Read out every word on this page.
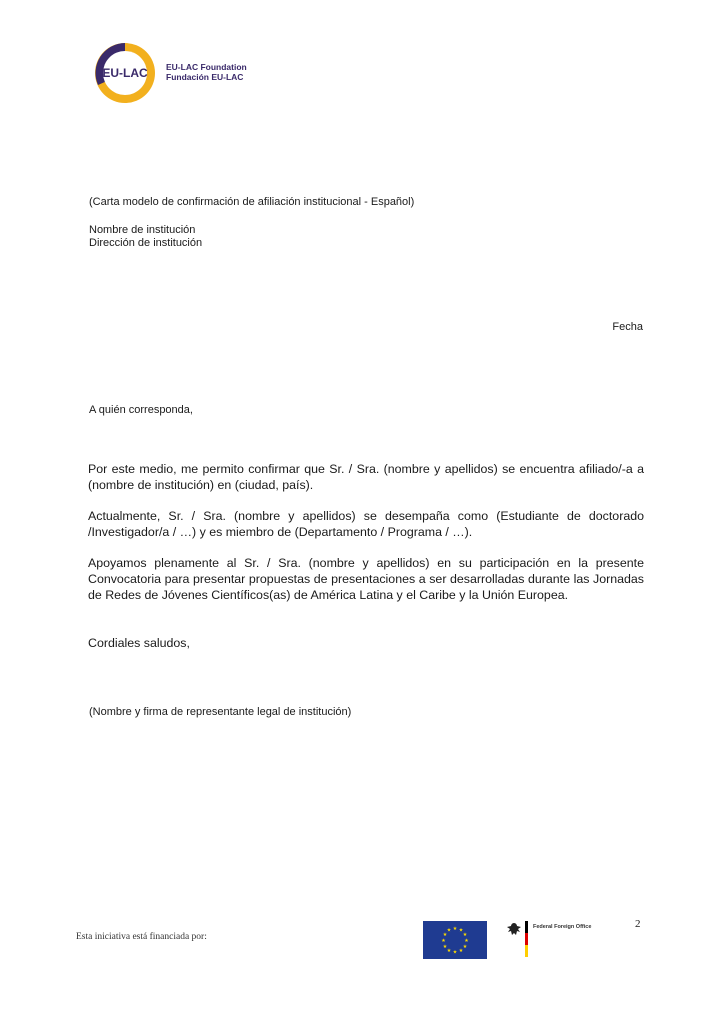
EU-LAC EU-LAC Foundation
Fundación EU-LAC
(Carta modelo de confirmación de afiliación institucional - Español)
Nombre de institución
Dirección de institución
Fecha
A quién corresponda,
Por este medio, me permito confirmar que Sr. / Sra. (nombre y apellidos) se encuentra afiliado/-a a (nombre de institución) en (ciudad, país).
Actualmente, Sr. / Sra. (nombre y apellidos) se desempaña como (Estudiante de doctorado /Investigador/a / …) y es miembro de (Departamento / Programa / …).
Apoyamos plenamente al Sr. / Sra. (nombre y apellidos) en su participación en la presente Convocatoria para presentar propuestas de presentaciones a ser desarrolladas durante las Jornadas de Redes de Jóvenes Científicos(as) de América Latina y el Caribe y la Unión Europea.
Cordiales saludos,
(Nombre y firma de representante legal de institución)
Esta iniciativa está financiada por:
2
★ ★
★
★
★
★
★
★
★
★
★
★
Federal Foreign Office
